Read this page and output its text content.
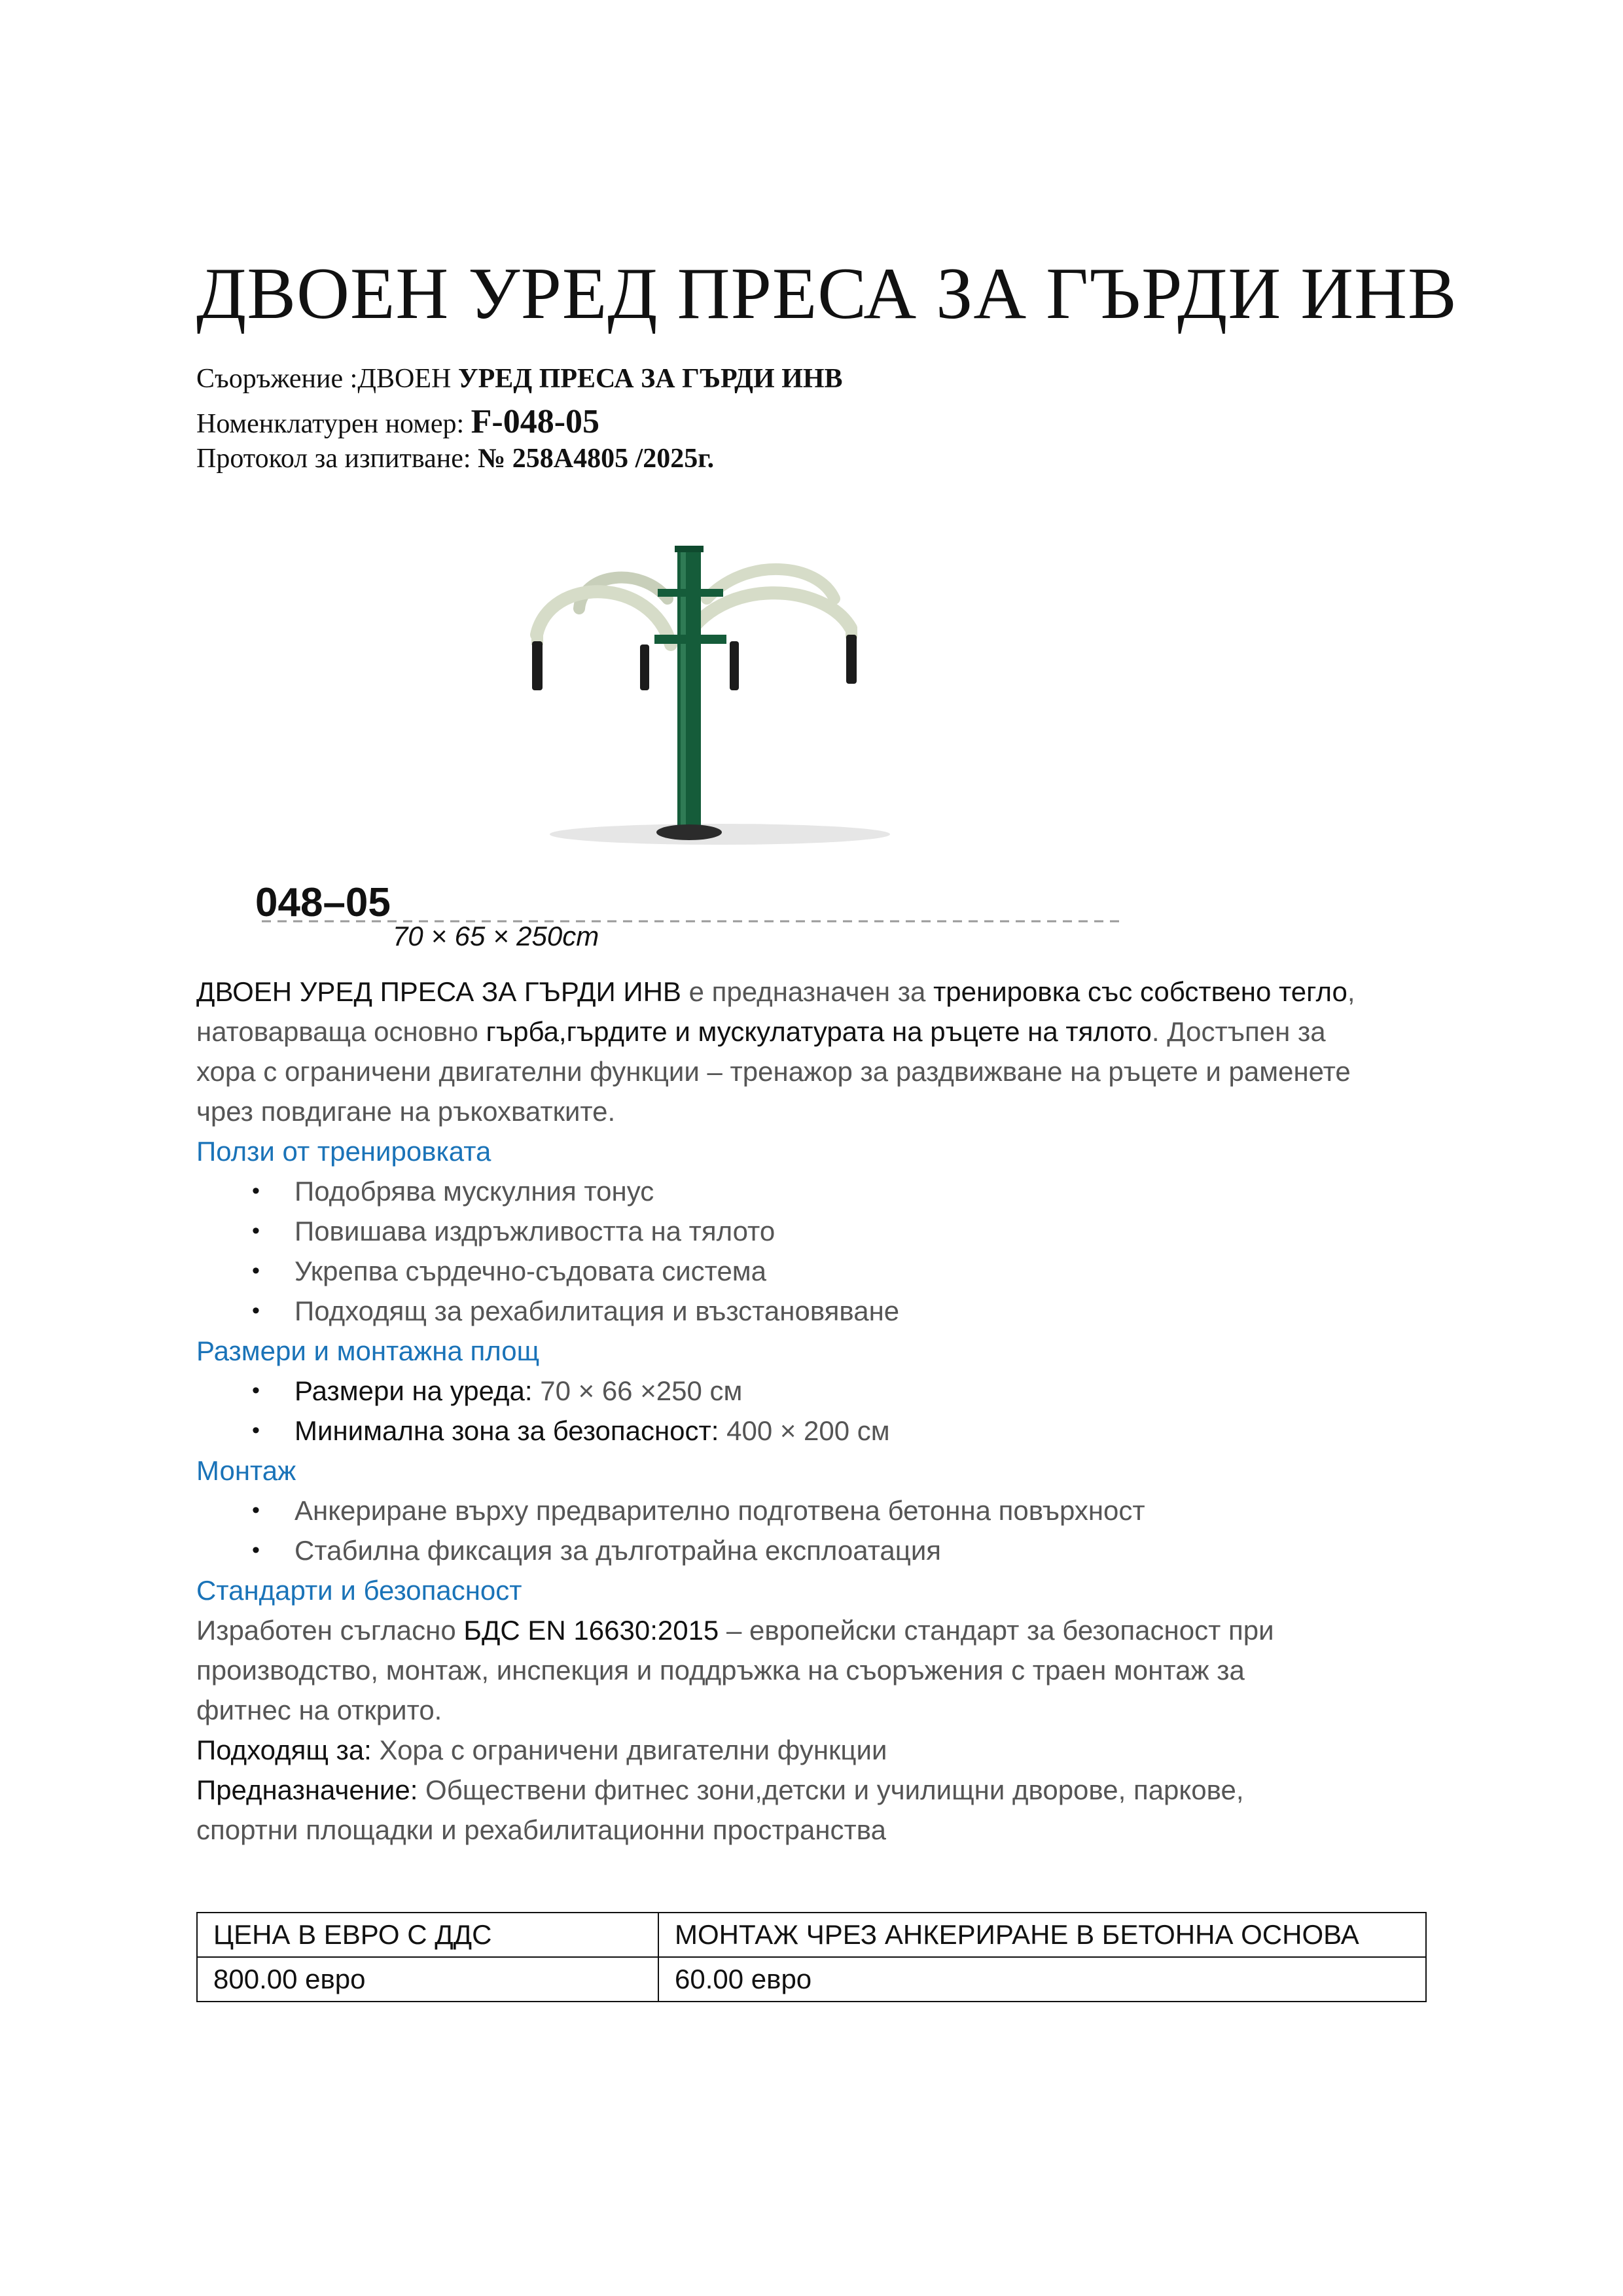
ДВОЕН УРЕД ПРЕСА ЗА ГЪРДИ ИНВ
Съоръжение :ДВОЕН УРЕД ПРЕСА ЗА ГЪРДИ ИНВ
Номенклатурен номер: F-048-05
Протокол за изпитване: № 258А4805 /2025г.
048–05
70 × 65 × 250cm

ДВОЕН УРЕД ПРЕСА ЗА ГЪРДИ ИНВ е предназначен за тренировка със собствено тегло,

натоварваща основно гърба,гърдите и мускулатурата на ръцете на тялото. Достъпен за

хора с ограничени двигателни функции – тренажор за раздвижване на ръцете и раменете

чрез повдигане на ръкохватките.

Ползи от тренировката

• Подобрява мускулния тонус
• Повишава издръжливостта на тялото
• Укрепва сърдечно-съдовата система
• Подходящ за рехабилитация и възстановяване

Размери и монтажна площ

• Размери на уреда: 70 × 66 ×250 см
• Минимална зона за безопасност: 400 × 200 см

Монтаж

• Анкериране върху предварително подготвена бетонна повърхност
• Стабилна фиксация за дълготрайна експлоатация

Стандарти и безопасност

Изработен съгласно БДС EN 16630:2015 – европейски стандарт за безопасност при

производство, монтаж, инспекция и поддръжка на съоръжения с траен монтаж за

фитнес на открито.

Подходящ за: Хора с ограничени двигателни функции

Предназначение: Обществени фитнес зони,детски и училищни дворове, паркове,

спортни площадки и рехабилитационни пространства

ЦЕНА В ЕВРО С ДДС	МОНТАЖ ЧРЕЗ АНКЕРИРАНЕ В БЕТОННА ОСНОВА
800.00 евро	60.00 евро
